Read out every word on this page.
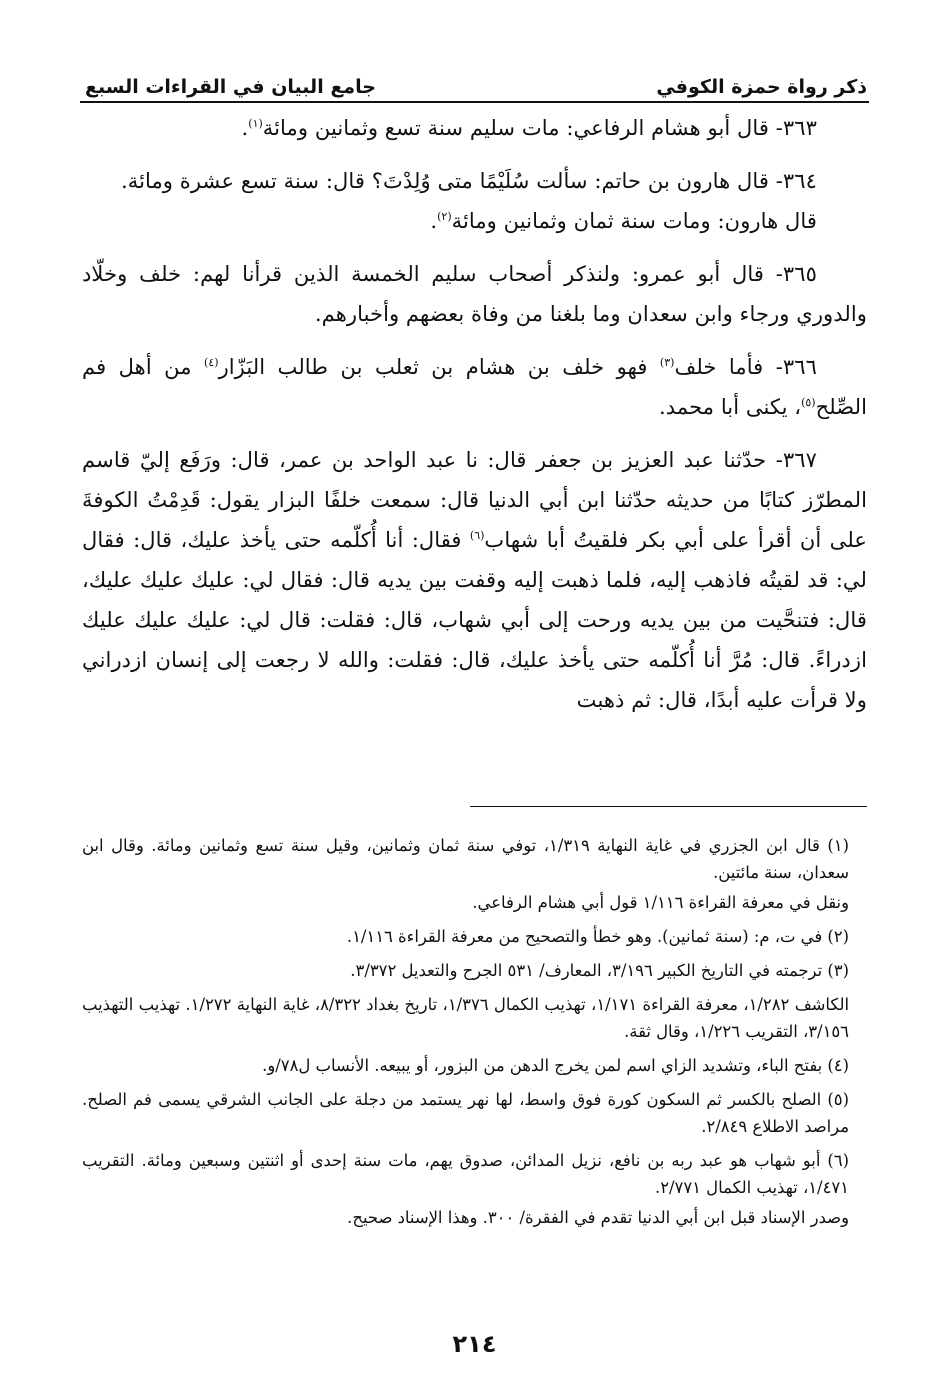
ذكر رواة حمزة الكوفي
جامع البيان في القراءات السبع

٣٦٣- قال أبو هشام الرفاعي: مات سليم سنة تسع وثمانين ومائة$^{(١)}$.

٣٦٤- قال هارون بن حاتم: سألت سُلَيْمًا متى وُلِدْتَ؟ قال: سنة تسع عشرة ومائة.

قال هارون: ومات سنة ثمان وثمانين ومائة$^{(٢)}$.

٣٦٥- قال أبو عمرو: ولنذكر أصحاب سليم الخمسة الذين قرأنا لهم: خلف وخلّاد والدوري ورجاء وابن سعدان وما بلغنا من وفاة بعضهم وأخبارهم.

٣٦٦- فأما خلف$^{(٣)}$ فهو خلف بن هشام بن ثعلب بن طالب البَزّار$^{(٤)}$ من أهل فم الصِّلح$^{(٥)}$، يكنى أبا محمد.

٣٦٧- حدّثنا عبد العزيز بن جعفر قال: نا عبد الواحد بن عمر، قال: ورَفَع إليّ قاسم المطرّز كتابًا من حديثه حدّثنا ابن أبي الدنيا قال: سمعت خلفًا البزار يقول: قَدِمْتُ الكوفةَ على أن أقرأ على أبي بكر فلقيتُ أبا شهاب$^{(٦)}$ فقال: أنا أُكلّمه حتى يأخذ عليك، قال: فقال لي: قد لقيتُه فاذهب إليه، فلما ذهبت إليه وقفت بين يديه قال: فقال لي: عليك عليك عليك، قال: فتنحَّيت من بين يديه ورحت إلى أبي شهاب، قال: فقلت: قال لي: عليك عليك عليك ازدراءً. قال: مُرَّ أنا أُكلّمه حتى يأخذ عليك، قال: فقلت: والله لا رجعت إلى إنسان ازدراني ولا قرأت عليه أبدًا، قال: ثم ذهبت

(١) قال ابن الجزري في غاية النهاية ١/٣١٩، توفي سنة ثمان وثمانين، وقيل سنة تسع وثمانين ومائة. وقال ابن سعدان، سنة مائتين.

ونقل في معرفة القراءة ١/١١٦ قول أبي هشام الرفاعي.

(٢) في ت، م: (سنة ثمانين). وهو خطأ والتصحيح من معرفة القراءة ١/١١٦.

(٣) ترجمته في التاريخ الكبير ٣/١٩٦، المعارف/ ٥٣١ الجرح والتعديل ٣/٣٧٢.

الكاشف ١/٢٨٢، معرفة القراءة ١/١٧١، تهذيب الكمال ١/٣٧٦، تاريخ بغداد ٨/٣٢٢، غاية النهاية ١/٢٧٢. تهذيب التهذيب ٣/١٥٦، التقريب ١/٢٢٦، وقال ثقة.

(٤) بفتح الباء، وتشديد الزاي اسم لمن يخرج الدهن من البزور، أو يبيعه. الأنساب ل٧٨/و.

(٥) الصلح بالكسر ثم السكون كورة فوق واسط، لها نهر يستمد من دجلة على الجانب الشرقي يسمى فم الصلح. مراصد الاطلاع ٢/٨٤٩.

(٦) أبو شهاب هو عبد ربه بن نافع، نزيل المدائن، صدوق يهم، مات سنة إحدى أو اثنتين وسبعين ومائة. التقريب ١/٤٧١، تهذيب الكمال ٢/٧٧١.

وصدر الإسناد قبل ابن أبي الدنيا تقدم في الفقرة/ ٣٠٠. وهذا الإسناد صحيح.

٢١٤
